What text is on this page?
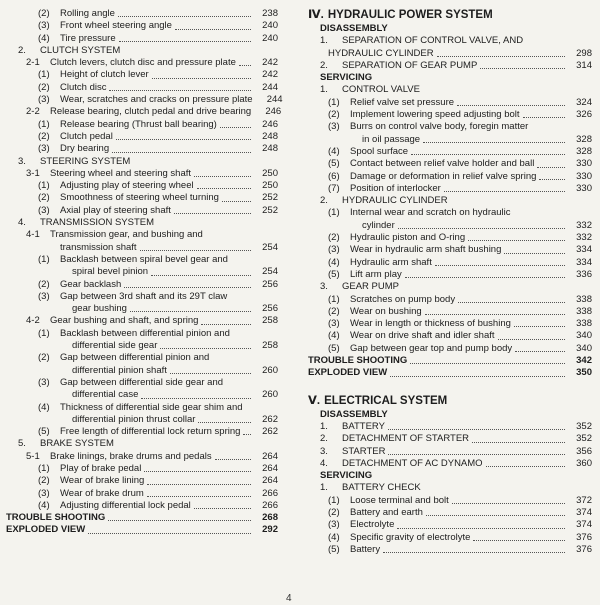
(2)	Rolling angle	238
(3)	Front wheel steering angle	240
(4)	Tire pressure	240
2.	CLUTCH SYSTEM
2-1	Clutch levers, clutch disc and pressure plate	242
(1)	Height of clutch lever	242
(2)	Clutch disc	244
(3)	Wear, scratches and cracks on pressure plate	244
2-2	Release bearing, clutch pedal and drive bearing	246
(1)	Release bearing (Thrust ball bearing)	246
(2)	Clutch pedal	248
(3)	Dry bearing	248
3.	STEERING SYSTEM
3-1	Steering wheel and steering shaft	250
(1)	Adjusting play of steering wheel	250
(2)	Smoothness of steering wheel turning	252
(3)	Axial play of steering shaft	252
4.	TRANSMISSION SYSTEM
4-1	Transmission gear, and bushing and
transmission shaft	254
(1)	Backlash between spiral bevel gear and
spiral bevel pinion	254
(2)	Gear backlash	256
(3)	Gap between 3rd shaft and its 29T claw
gear bushing	256
4-2	Gear bushing and shaft, and spring	258
(1)	Backlash between differential pinion and
differential side gear	258
(2)	Gap between differential pinion and
differential pinion shaft	260
(3)	Gap between differential side gear and
differential case	260
(4)	Thickness of differential side gear shim and
differential pinion thrust collar	262
(5)	Free length of differential lock return spring	262
5.	BRAKE SYSTEM
5-1	Brake linings, brake drums and pedals	264
(1)	Play of brake pedal	264
(2)	Wear of brake lining	264
(3)	Wear of brake drum	266
(4)	Adjusting differential lock pedal	266
TROUBLE SHOOTING	268
EXPLODED VIEW	292
Ⅳ. HYDRAULIC POWER SYSTEM
DISASSEMBLY
1.	SEPARATION OF CONTROL VALVE, AND
HYDRAULIC CYLINDER	298
2.	SEPARATION OF GEAR PUMP	314
SERVICING
1.	CONTROL VALVE
(1)	Relief valve set pressure	324
(2)	Implement lowering speed adjusting bolt	326
(3)	Burrs on control valve body, foregin matter
in oil passage	328
(4)	Spool surface	328
(5)	Contact between relief valve holder and ball	330
(6)	Damage or deformation in relief valve spring	330
(7)	Position of interlocker	330
2.	HYDRAULIC CYLINDER
(1)	Internal wear and scratch on hydraulic
cylinder	332
(2)	Hydraulic piston and O-ring	332
(3)	Wear in hydraulic arm shaft bushing	334
(4)	Hydraulic arm shaft	334
(5)	Lift arm play	336
3.	GEAR PUMP
(1)	Scratches on pump body	338
(2)	Wear on bushing	338
(3)	Wear in length or thickness of bushing	338
(4)	Wear on drive shaft and idler shaft	340
(5)	Gap between gear top and pump body	340
TROUBLE SHOOTING	342
EXPLODED VIEW	350
Ⅴ. ELECTRICAL SYSTEM
DISASSEMBLY
1.	BATTERY	352
2.	DETACHMENT OF STARTER	352
3.	STARTER	356
4.	DETACHMENT OF AC DYNAMO	360
SERVICING
1.	BATTERY CHECK
(1)	Loose terminal and bolt	372
(2)	Battery and earth	374
(3)	Electrolyte	374
(4)	Specific gravity of electrolyte	376
(5)	Battery	376
4
